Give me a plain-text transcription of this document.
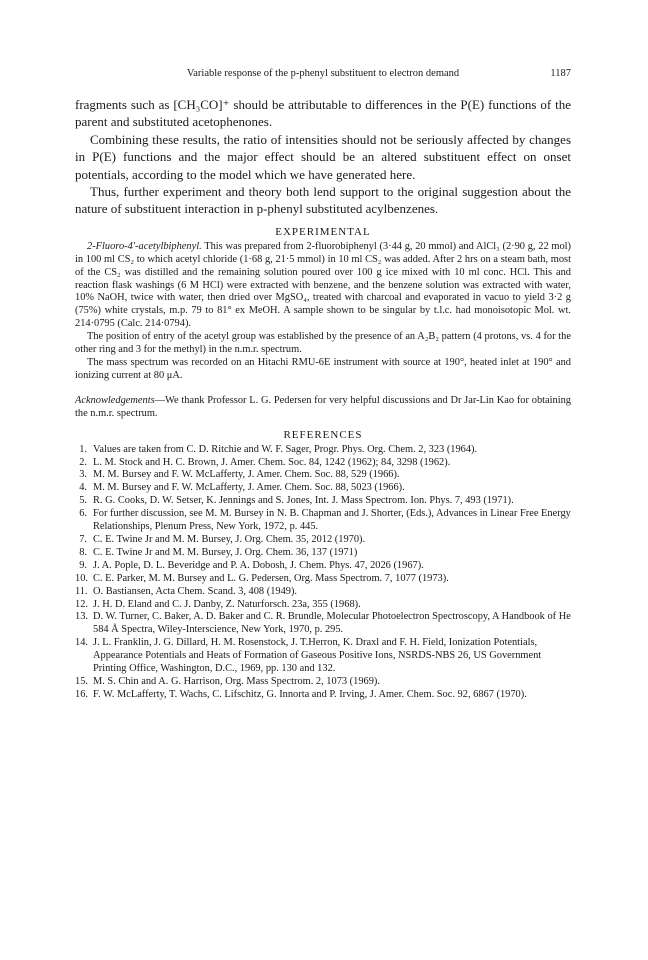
Variable response of the p-phenyl substituent to electron demand	1187

fragments such as [CH₃CO]⁺ should be attributable to differences in the P(E) functions of the parent and substituted acetophenones.

Combining these results, the ratio of intensities should not be seriously affected by changes in P(E) functions and the major effect should be an altered substituent effect on onset potentials, according to the model which we have generated here.

Thus, further experiment and theory both lend support to the original suggestion about the nature of substituent interaction in p-phenyl substituted acylbenzenes.

EXPERIMENTAL

2-Fluoro-4′-acetylbiphenyl. This was prepared from 2-fluorobiphenyl (3·44 g, 20 mmol) and AlCl₃ (2·90 g, 22 mol) in 100 ml CS₂ to which acetyl chloride (1·68 g, 21·5 mmol) in 10 ml CS₂ was added. After 2 hrs on a steam bath, most of the CS₂ was distilled and the remaining solution poured over 100 g ice mixed with 10 ml conc. HCl. This and reaction flask washings (6 M HCl) were extracted with benzene, and the benzene solution was extracted with water, 10% NaOH, twice with water, then dried over MgSO₄, treated with charcoal and evaporated in vacuo to yield 3·2 g (75%) white crystals, m.p. 79 to 81° ex MeOH. A sample shown to be singular by t.l.c. had monoisotopic Mol. wt. 214·0795 (Calc. 214·0794).

The position of entry of the acetyl group was established by the presence of an A₂B₂ pattern (4 protons, vs. 4 for the other ring and 3 for the methyl) in the n.m.r. spectrum.

The mass spectrum was recorded on an Hitachi RMU-6E instrument with source at 190°, heated inlet at 190° and ionizing current at 80 μA.

Acknowledgements—We thank Professor L. G. Pedersen for very helpful discussions and Dr Jar-Lin Kao for obtaining the n.m.r. spectrum.

REFERENCES
1. Values are taken from C. D. Ritchie and W. F. Sager, Progr. Phys. Org. Chem. 2, 323 (1964).
2. L. M. Stock and H. C. Brown, J. Amer. Chem. Soc. 84, 1242 (1962); 84, 3298 (1962).
3. M. M. Bursey and F. W. McLafferty, J. Amer. Chem. Soc. 88, 529 (1966).
4. M. M. Bursey and F. W. McLafferty, J. Amer. Chem. Soc. 88, 5023 (1966).
5. R. G. Cooks, D. W. Setser, K. Jennings and S. Jones, Int. J. Mass Spectrom. Ion. Phys. 7, 493 (1971).
6. For further discussion, see M. M. Bursey in N. B. Chapman and J. Shorter, (Eds.), Advances in Linear Free Energy Relationships, Plenum Press, New York, 1972, p. 445.
7. C. E. Twine Jr and M. M. Bursey, J. Org. Chem. 35, 2012 (1970).
8. C. E. Twine Jr and M. M. Bursey, J. Org. Chem. 36, 137 (1971)
9. J. A. Pople, D. L. Beveridge and P. A. Dobosh, J. Chem. Phys. 47, 2026 (1967).
10. C. E. Parker, M. M. Bursey and L. G. Pedersen, Org. Mass Spectrom. 7, 1077 (1973).
11. O. Bastiansen, Acta Chem. Scand. 3, 408 (1949).
12. J. H. D. Eland and C. J. Danby, Z. Naturforsch. 23a, 355 (1968).
13. D. W. Turner, C. Baker, A. D. Baker and C. R. Brundle, Molecular Photoelectron Spectroscopy, A Handbook of He 584 Å Spectra, Wiley-Interscience, New York, 1970, p. 295.
14. J. L. Franklin, J. G. Dillard, H. M. Rosenstock, J. T.Herron, K. Draxl and F. H. Field, Ionization Potentials, Appearance Potentials and Heats of Formation of Gaseous Positive Ions, NSRDS-NBS 26, US Government Printing Office, Washington, D.C., 1969, pp. 130 and 132.
15. M. S. Chin and A. G. Harrison, Org. Mass Spectrom. 2, 1073 (1969).
16. F. W. McLafferty, T. Wachs, C. Lifschitz, G. Innorta and P. Irving, J. Amer. Chem. Soc. 92, 6867 (1970).
